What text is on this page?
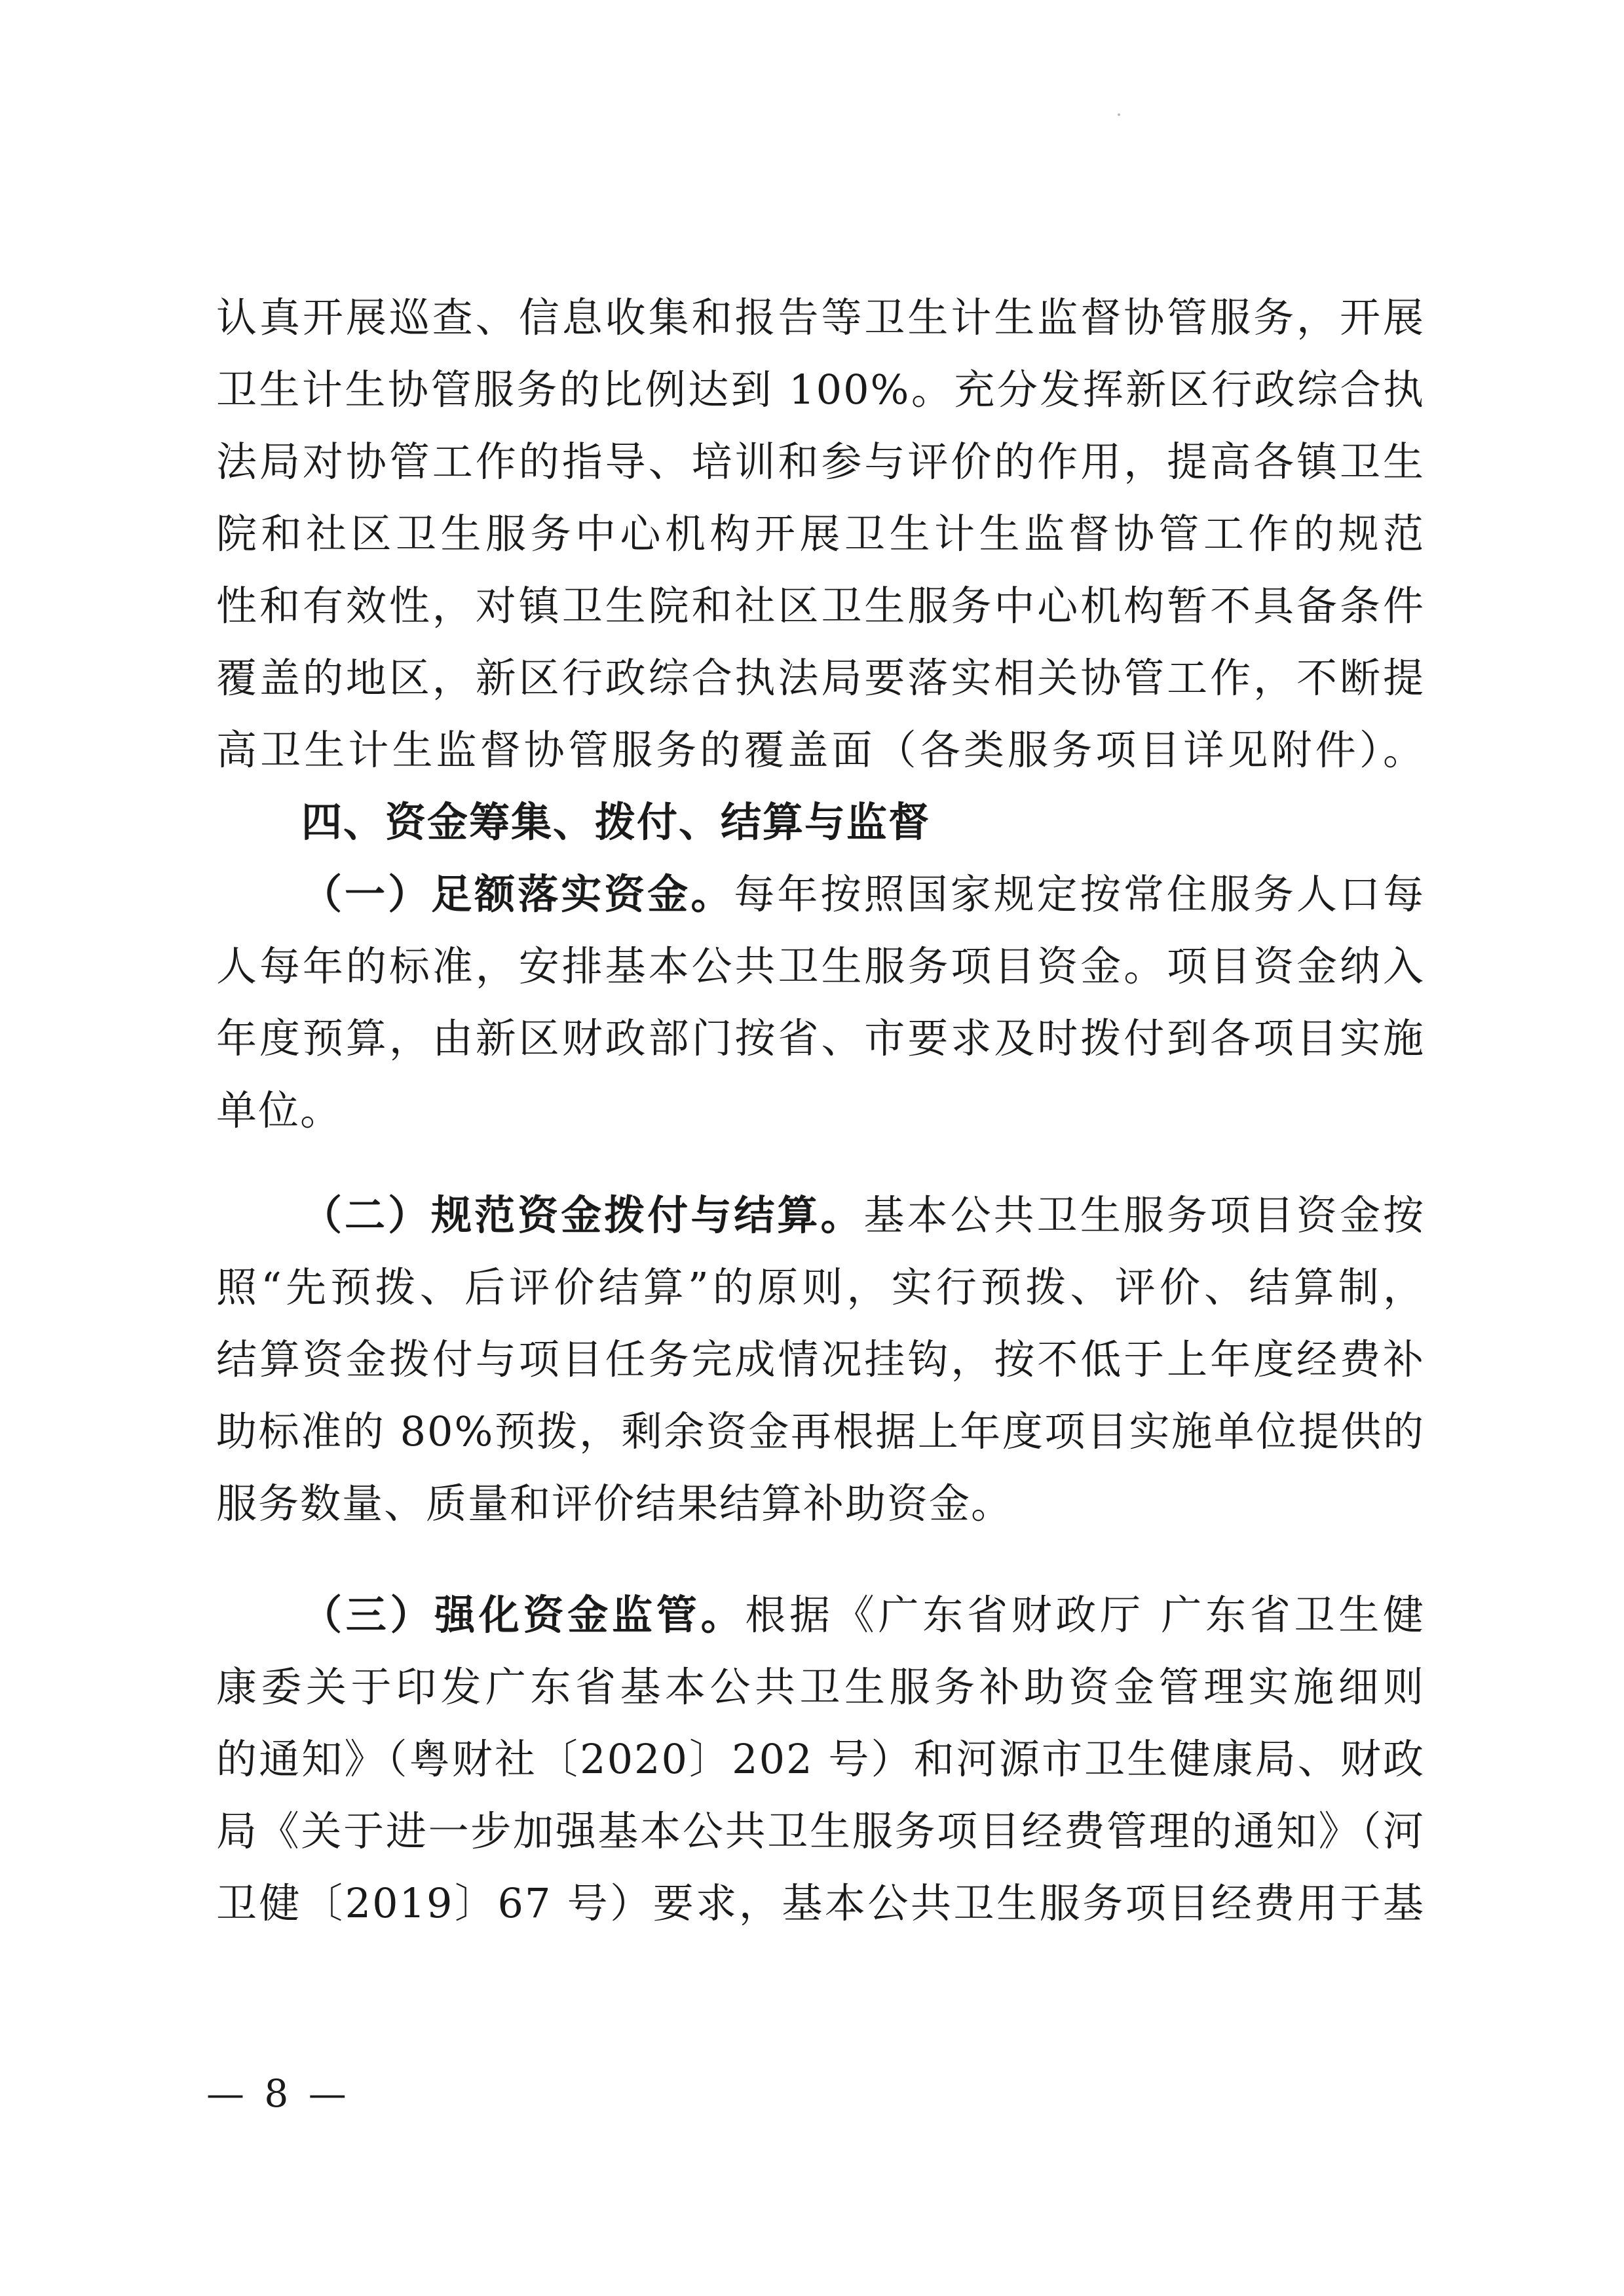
认真开展巡查、信息收集和报告等卫生计生监督协管服务，开展
卫生计生协管服务的比例达到 100%。充分发挥新区行政综合执
法局对协管工作的指导、培训和参与评价的作用，提高各镇卫生
院和社区卫生服务中心机构开展卫生计生监督协管工作的规范
性和有效性，对镇卫生院和社区卫生服务中心机构暂不具备条件
覆盖的地区，新区行政综合执法局要落实相关协管工作，不断提
高卫生计生监督协管服务的覆盖面（各类服务项目详见附件）。
四、资金筹集、拨付、结算与监督
（一）足额落实资金。每年按照国家规定按常住服务人口每
人每年的标准，安排基本公共卫生服务项目资金。项目资金纳入
年度预算，由新区财政部门按省、市要求及时拨付到各项目实施
单位。
（二）规范资金拨付与结算。基本公共卫生服务项目资金按
照“先预拨、后评价结算”的原则，实行预拨、评价、结算制，
结算资金拨付与项目任务完成情况挂钩，按不低于上年度经费补
助标准的 80%预拨，剩余资金再根据上年度项目实施单位提供的
服务数量、质量和评价结果结算补助资金。
（三）强化资金监管。根据《广东省财政厅 广东省卫生健
康委关于印发广东省基本公共卫生服务补助资金管理实施细则
的通知》（粤财社〔2020〕202 号）和河源市卫生健康局、财政
局《关于进一步加强基本公共卫生服务项目经费管理的通知》（河
卫健〔2019〕67 号）要求，基本公共卫生服务项目经费用于基
— 8 —
